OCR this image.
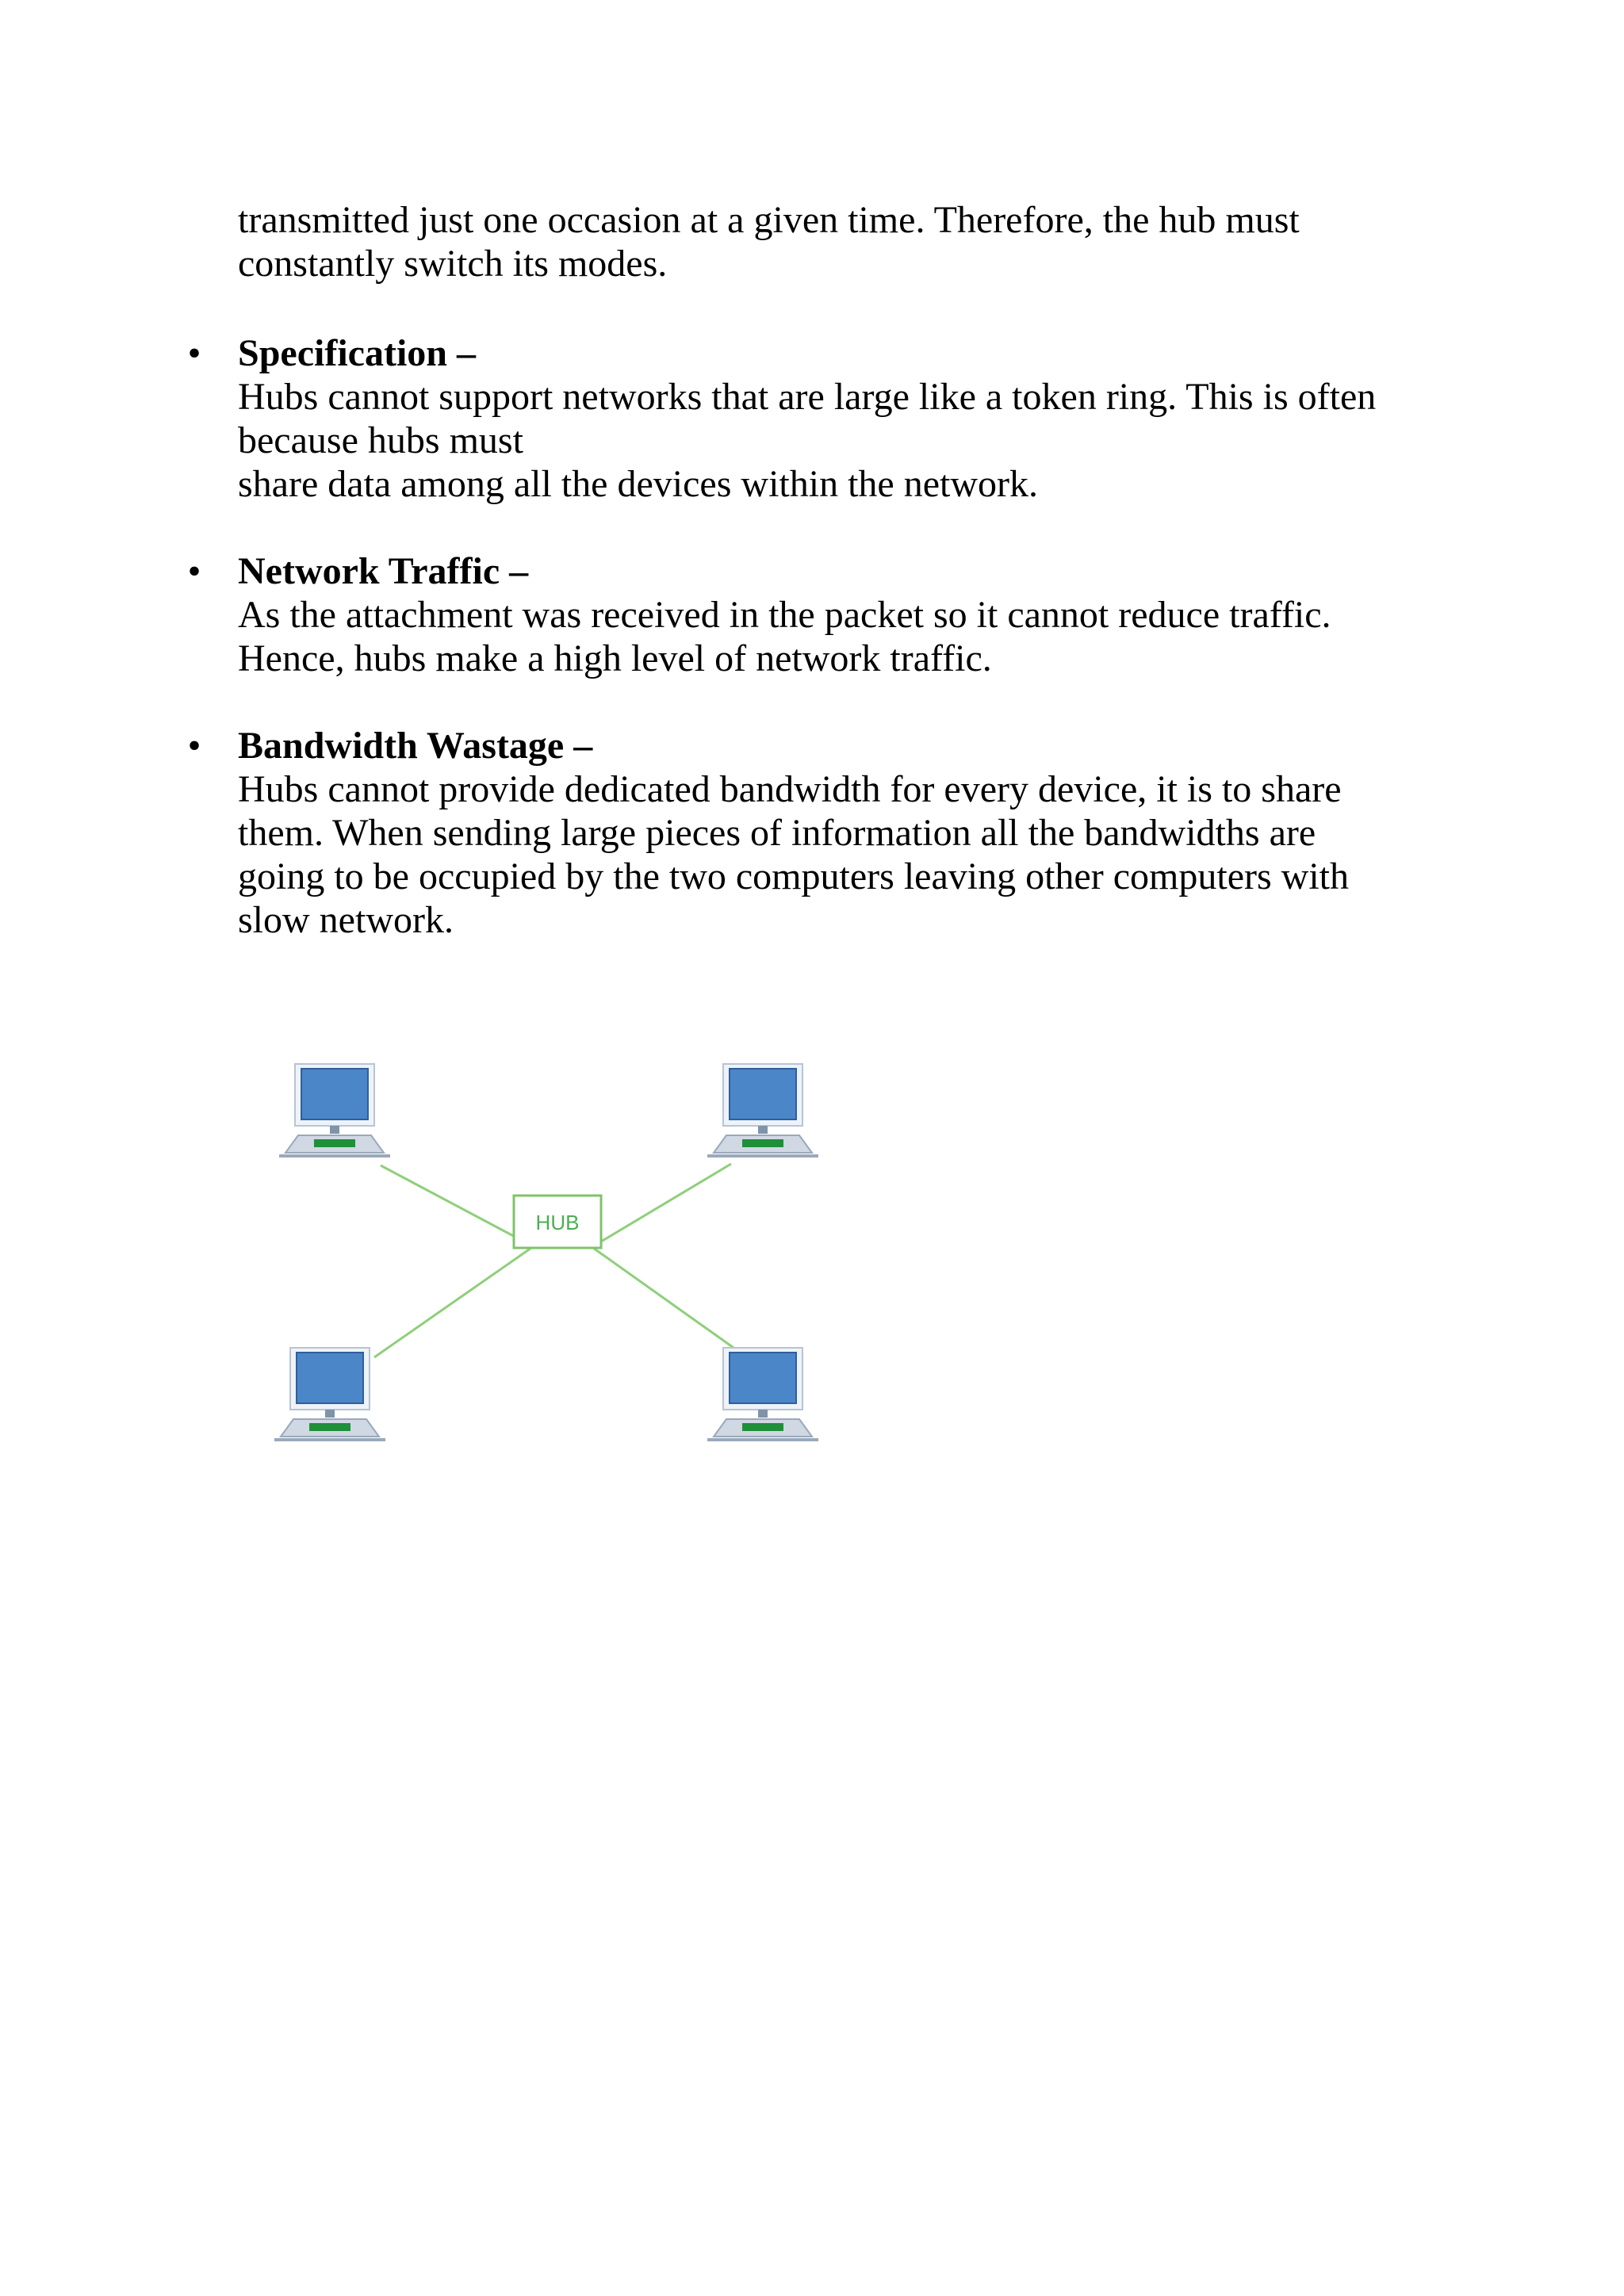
transmitted just one occasion at a given time. Therefore, the hub must
constantly switch its modes.
• Specification –
Hubs cannot support networks that are large like a token ring. This is often
because hubs must
share data among all the devices within the network.
• Network Traffic –
As the attachment was received in the packet so it cannot reduce traffic.
Hence, hubs make a high level of network traffic.
• Bandwidth Wastage –
Hubs cannot provide dedicated bandwidth for every device, it is to share
them. When sending large pieces of information all the bandwidths are
going to be occupied by the two computers leaving other computers with
slow network.
HUB
